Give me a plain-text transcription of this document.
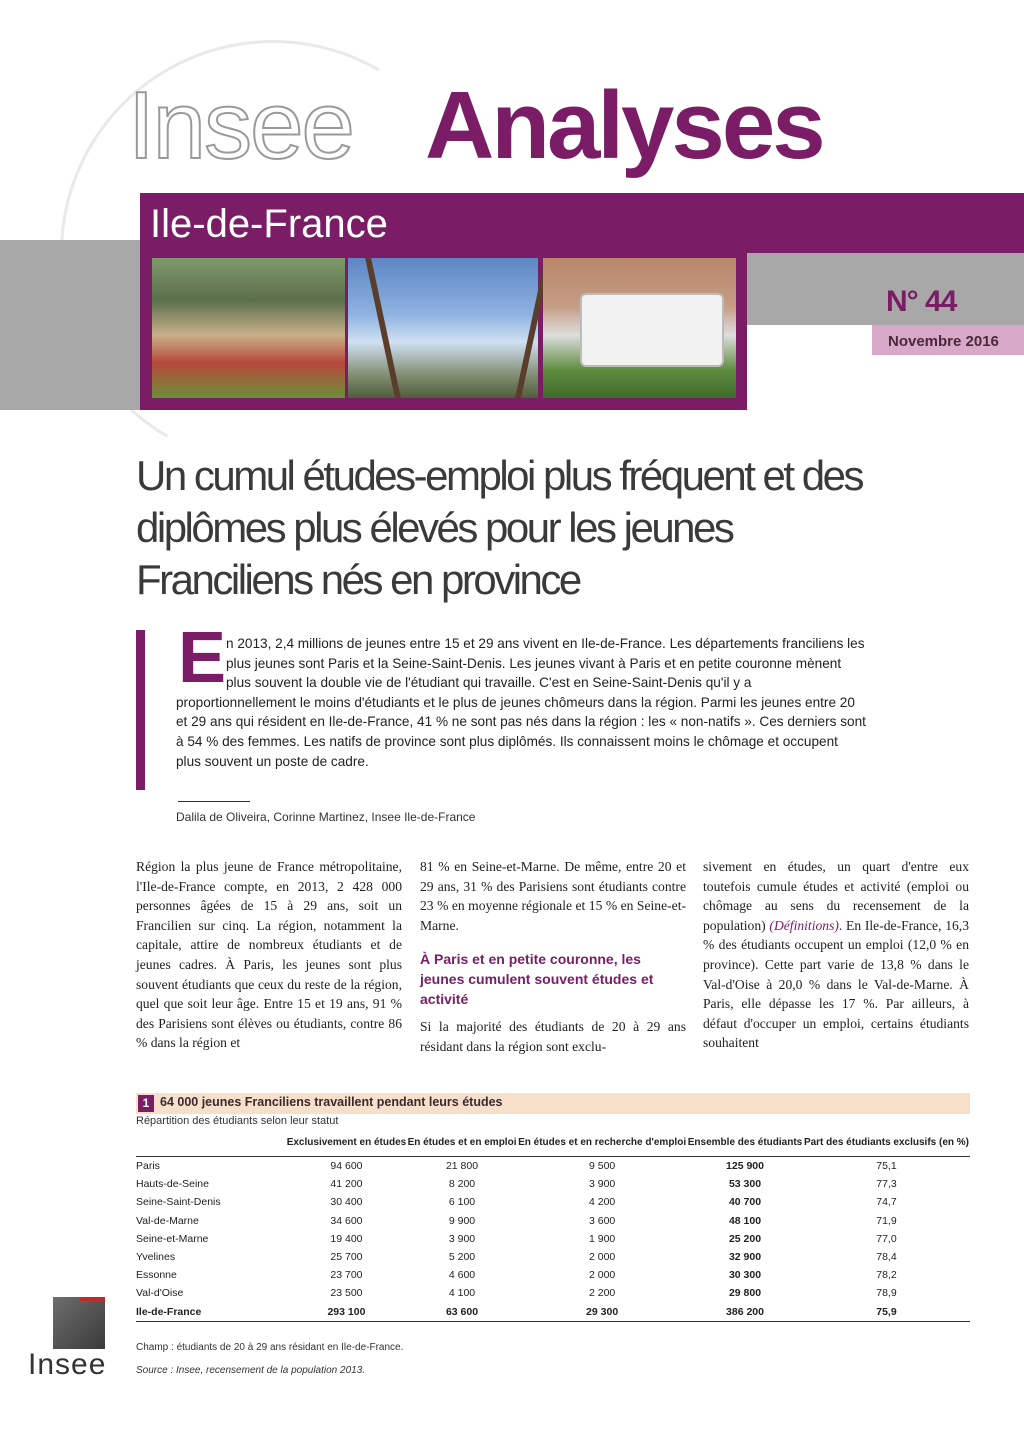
Insee Analyses
Ile-de-France
N° 44
Novembre 2016
Un cumul études-emploi plus fréquent et des diplômes plus élevés pour les jeunes Franciliens nés en province
E n 2013, 2,4 millions de jeunes entre 15 et 29 ans vivent en Ile-de-France. Les départements franciliens les plus jeunes sont Paris et la Seine-Saint-Denis. Les jeunes vivant à Paris et en petite couronne mènent plus souvent la double vie de l'étudiant qui travaille. C'est en Seine-Saint-Denis qu'il y a proportionnellement le moins d'étudiants et le plus de jeunes chômeurs dans la région. Parmi les jeunes entre 20 et 29 ans qui résident en Ile-de-France, 41 % ne sont pas nés dans la région : les « non-natifs ». Ces derniers sont à 54 % des femmes. Les natifs de province sont plus diplômés. Ils connaissent moins le chômage et occupent plus souvent un poste de cadre.

Dalila de Oliveira, Corinne Martinez, Insee Ile-de-France

Région la plus jeune de France métropolitaine, l'Ile-de-France compte, en 2013, 2 428 000 personnes âgées de 15 à 29 ans, soit un Francilien sur cinq. La région, notamment la capitale, attire de nombreux étudiants et de jeunes cadres. À Paris, les jeunes sont plus souvent étudiants que ceux du reste de la région, quel que soit leur âge. Entre 15 et 19 ans, 91 % des Parisiens sont élèves ou étudiants, contre 86 % dans la région et

81 % en Seine-et-Marne. De même, entre 20 et 29 ans, 31 % des Parisiens sont étudiants contre 23 % en moyenne régionale et 15 % en Seine-et-Marne.
À Paris et en petite couronne, les jeunes cumulent souvent études et activité
Si la majorité des étudiants de 20 à 29 ans résidant dans la région sont exclu-

sivement en études, un quart d'entre eux toutefois cumule études et activité (emploi ou chômage au sens du recensement de la population) (Définitions). En Ile-de-France, 16,3 % des étudiants occupent un emploi (12,0 % en province). Cette part varie de 13,8 % dans le Val-d'Oise à 20,0 % dans le Val-de-Marne. À Paris, elle dépasse les 17 %. Par ailleurs, à défaut d'occuper un emploi, certains étudiants souhaitent

1 64 000 jeunes Franciliens travaillent pendant leurs études
Répartition des étudiants selon leur statut
	Exclusivement en études	En études et en emploi	En études et en recherche d'emploi	Ensemble des étudiants	Part des étudiants exclusifs (en %)
Paris	94 600	21 800	9 500	125 900	75,1
Hauts-de-Seine	41 200	8 200	3 900	53 300	77,3
Seine-Saint-Denis	30 400	6 100	4 200	40 700	74,7
Val-de-Marne	34 600	9 900	3 600	48 100	71,9
Seine-et-Marne	19 400	3 900	1 900	25 200	77,0
Yvelines	25 700	5 200	2 000	32 900	78,4
Essonne	23 700	4 600	2 000	30 300	78,2
Val-d'Oise	23 500	4 100	2 200	29 800	78,9
Ile-de-France	293 100	63 600	29 300	386 200	75,9
Champ : étudiants de 20 à 29 ans résidant en Ile-de-France.
Source : Insee, recensement de la population 2013.
Insee
